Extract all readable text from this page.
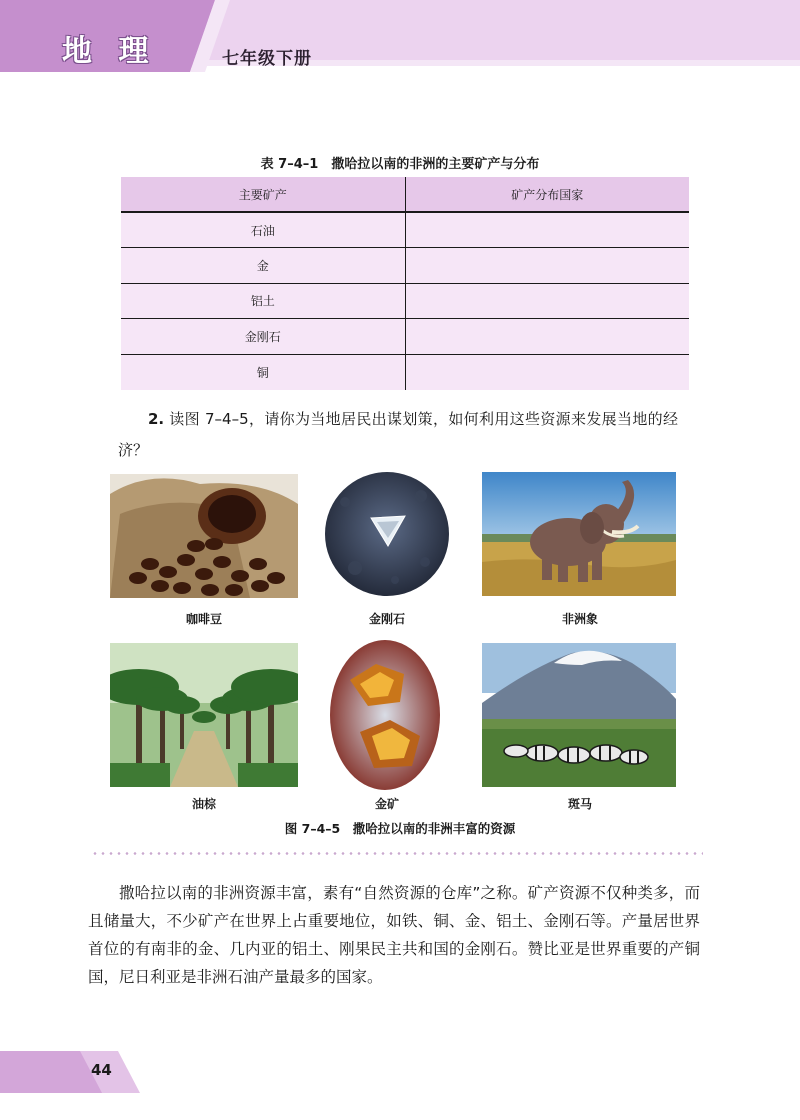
地 理	七年级下册
表 7–4–1　撒哈拉以南的非洲的主要矿产与分布
主要矿产	矿产分布国家
石油	
金	
铝土	
金刚石	
铜	
2. 读图 7–4–5，请你为当地居民出谋划策，如何利用这些资源来发展当地的经济？
咖啡豆	金刚石	非洲象
油棕	金矿	斑马
图 7–4–5　撒哈拉以南的非洲丰富的资源
撒哈拉以南的非洲资源丰富，素有“自然资源的仓库”之称。矿产资源不仅种类多，而且储量大，不少矿产在世界上占重要地位，如铁、铜、金、铝土、金刚石等。产量居世界首位的有南非的金、几内亚的铝土、刚果民主共和国的金刚石。赞比亚是世界重要的产铜国，尼日利亚是非洲石油产量最多的国家。
44
